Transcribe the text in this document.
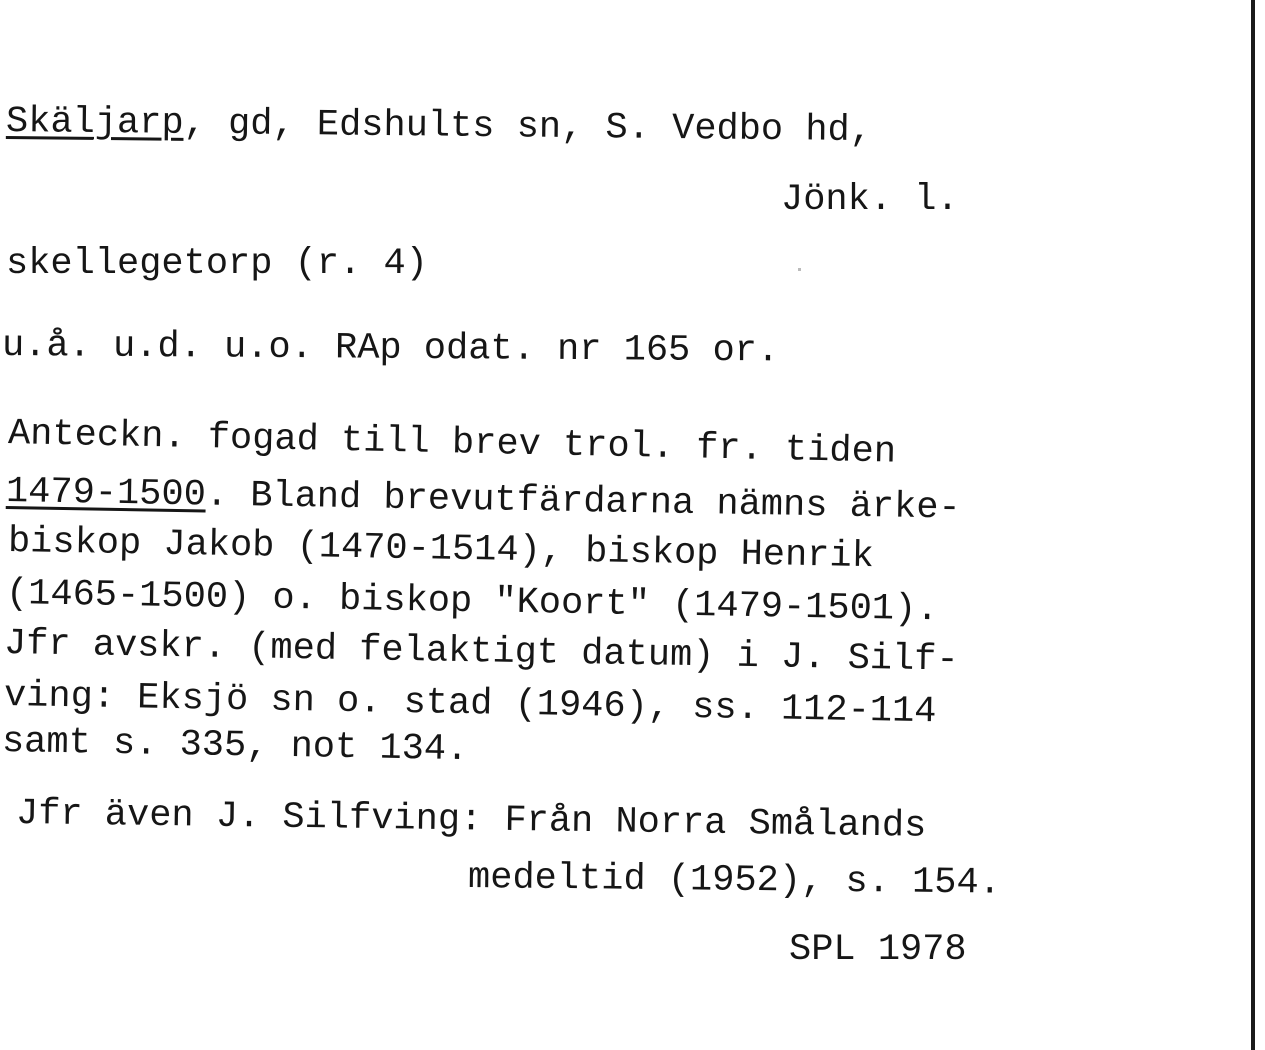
Skäljarp, gd, Edshults sn, S. Vedbo hd,
Jönk. l.
skellegetorp (r. 4)
u.å. u.d. u.o. RAp odat. nr 165 or.
Anteckn. fogad till brev trol. fr. tiden
1479-1500. Bland brevutfärdarna nämns ärke-
biskop Jakob (1470-1514), biskop Henrik
(1465-1500) o. biskop "Koort" (1479-1501).
Jfr avskr. (med felaktigt datum) i J. Silf-
ving: Eksjö sn o. stad (1946), ss. 112-114
samt s. 335, not 134.
Jfr även J. Silfving: Från Norra Smålands
medeltid (1952), s. 154.
SPL 1978
